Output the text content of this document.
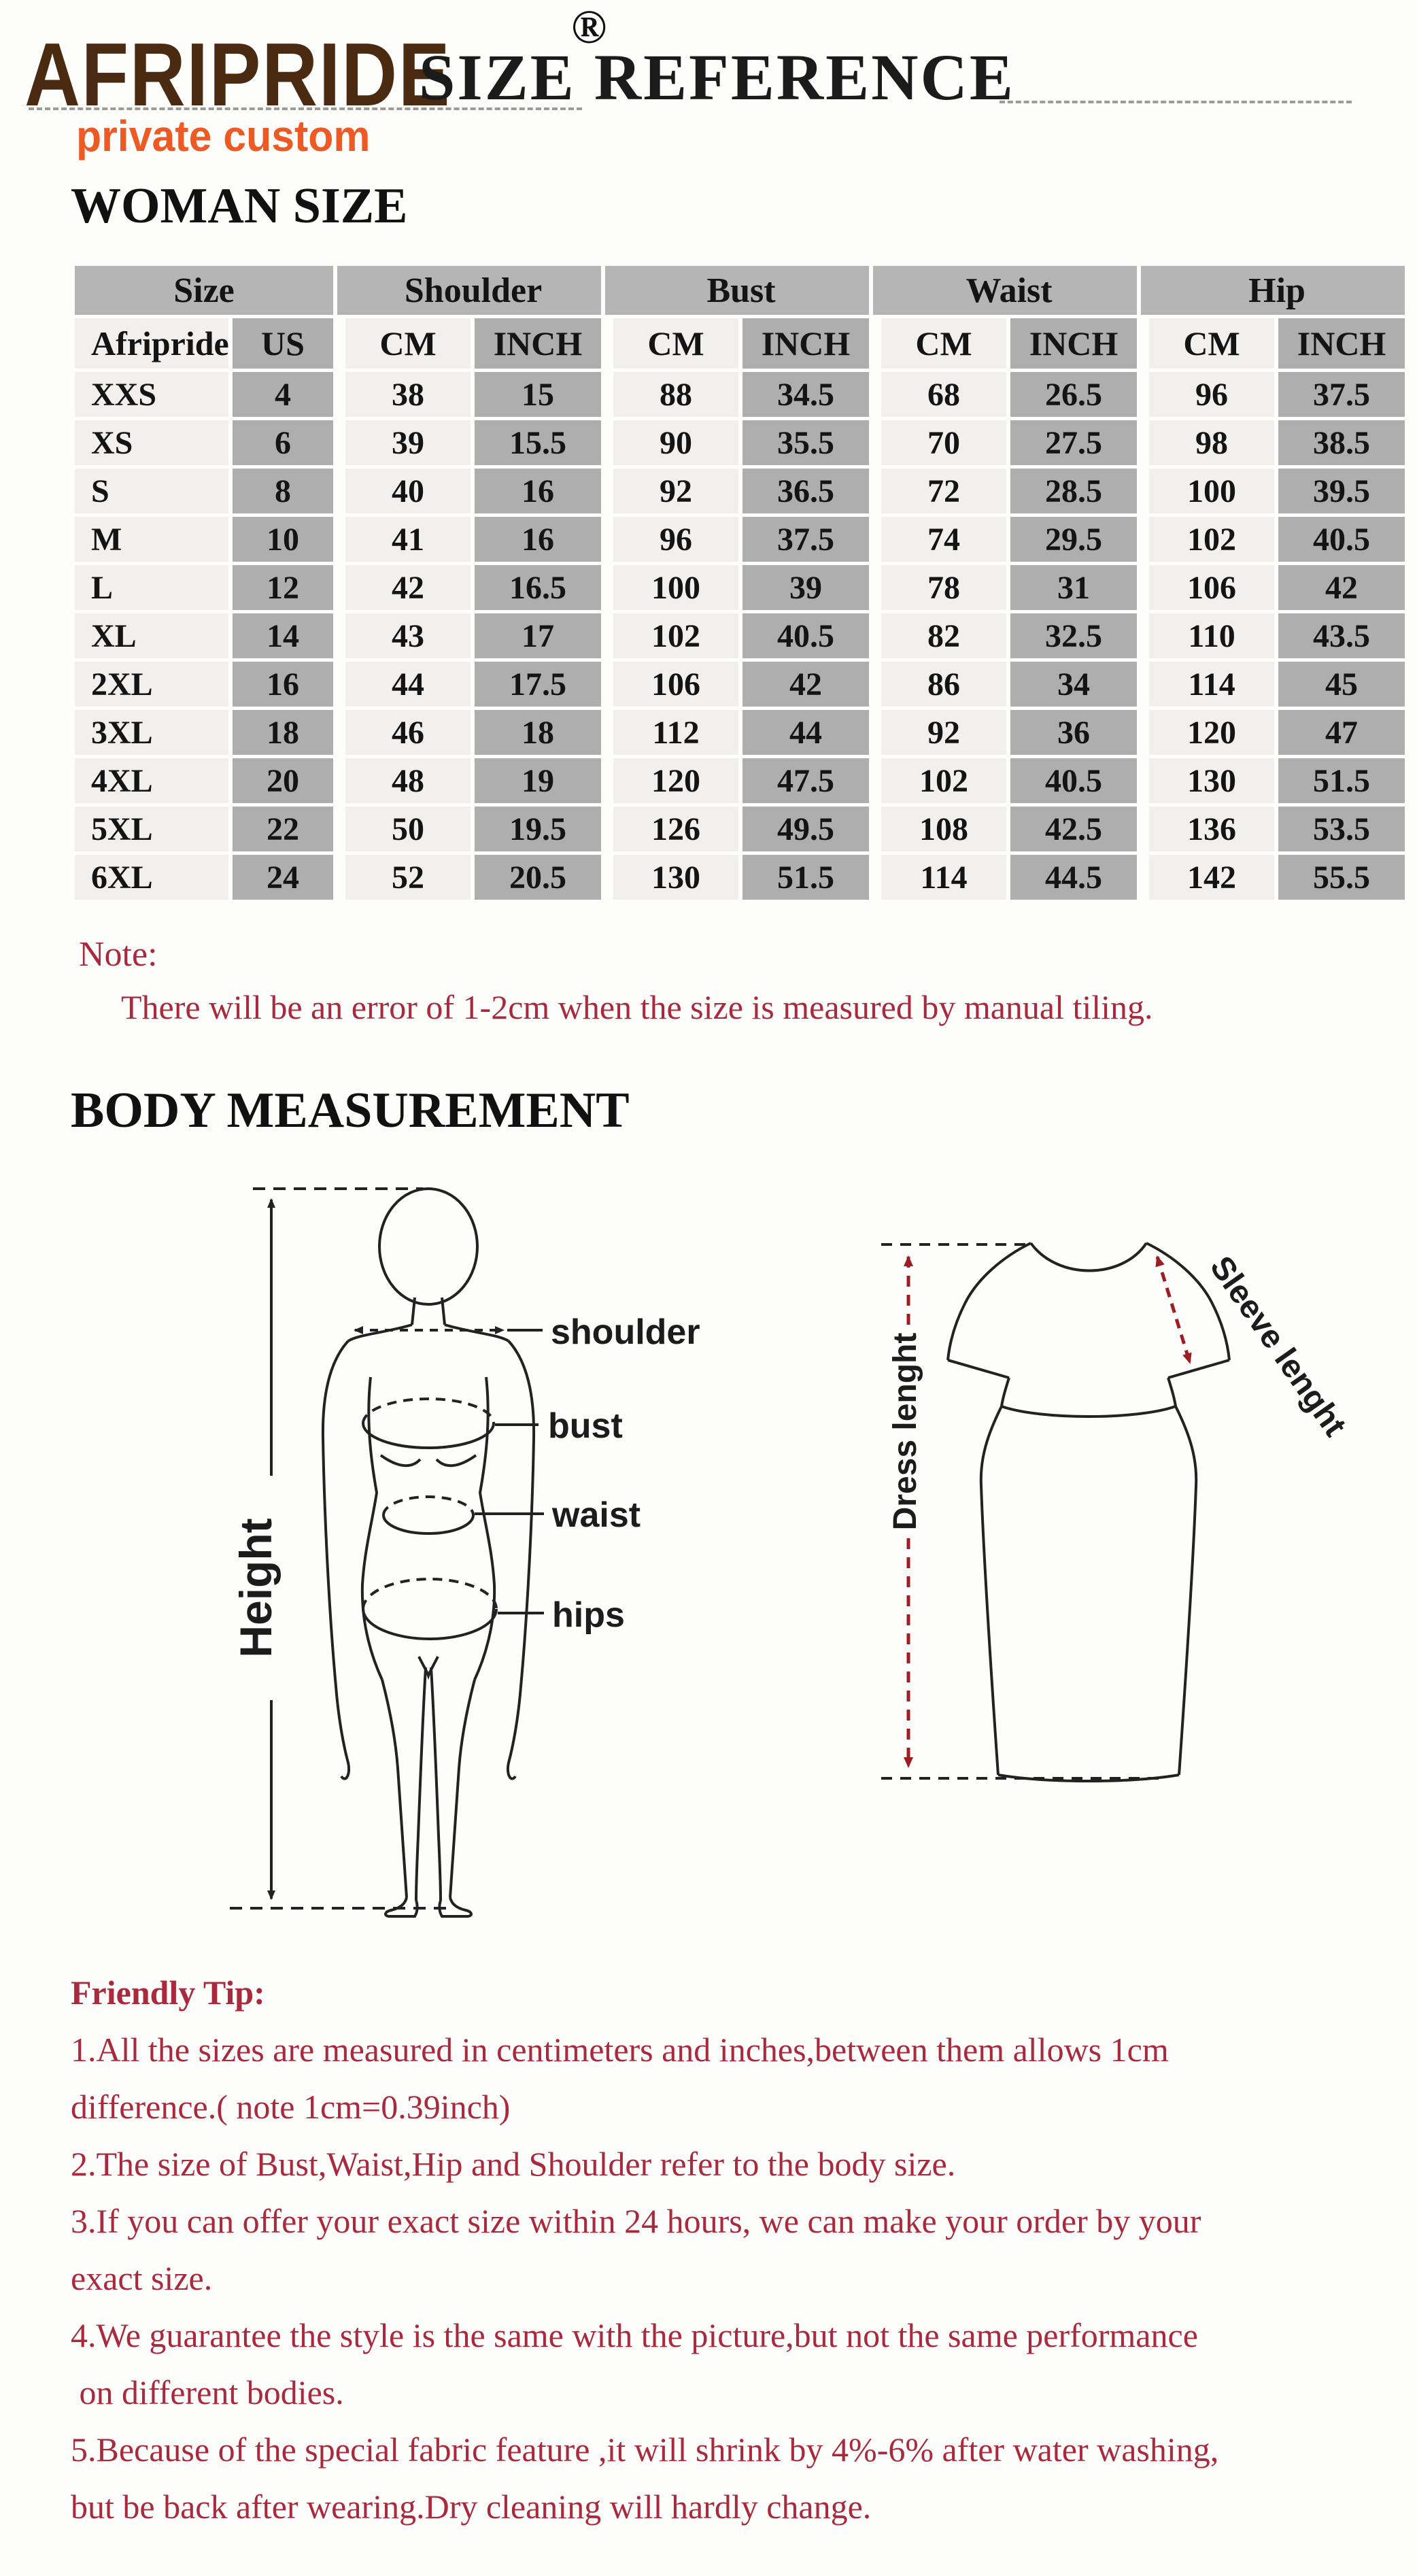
AFRIPRIDE	®
private custom
SIZE REFERENCE
WOMAN SIZE
Size		Shoulder		Bust		Waist		Hip	
Afripride	US	CM	INCH	CM	INCH	CM	INCH	CM	INCH
XXS	4	38	15	88	34.5	68	26.5	96	37.5
XS	6	39	15.5	90	35.5	70	27.5	98	38.5
S	8	40	16	92	36.5	72	28.5	100	39.5
M	10	41	16	96	37.5	74	29.5	102	40.5
L	12	42	16.5	100	39	78	31	106	42
XL	14	43	17	102	40.5	82	32.5	110	43.5
2XL	16	44	17.5	106	42	86	34	114	45
3XL	18	46	18	112	44	92	36	120	47
4XL	20	48	19	120	47.5	102	40.5	130	51.5
5XL	22	50	19.5	126	49.5	108	42.5	136	53.5
6XL	24	52	20.5	130	51.5	114	44.5	142	55.5
Note:
There will be an error of 1-2cm when the size is measured by manual tiling.
BODY MEASUREMENT
Height
shoulder
bust
waist
hips
Dress lenght	Sleeve lenght

Friendly Tip:

1.All the sizes are measured in centimeters and inches,between them allows 1cm

difference.( note 1cm=0.39inch)

2.The size of Bust,Waist,Hip and Shoulder refer to the body size.

3.If you can offer your exact size within 24 hours, we can make your order by your

exact size.

4.We guarantee the style is the same with the picture,but not the same performance

on different bodies.

5.Because of the special fabric feature ,it will shrink by 4%-6% after water washing,

but be back after wearing.Dry cleaning will hardly change.
